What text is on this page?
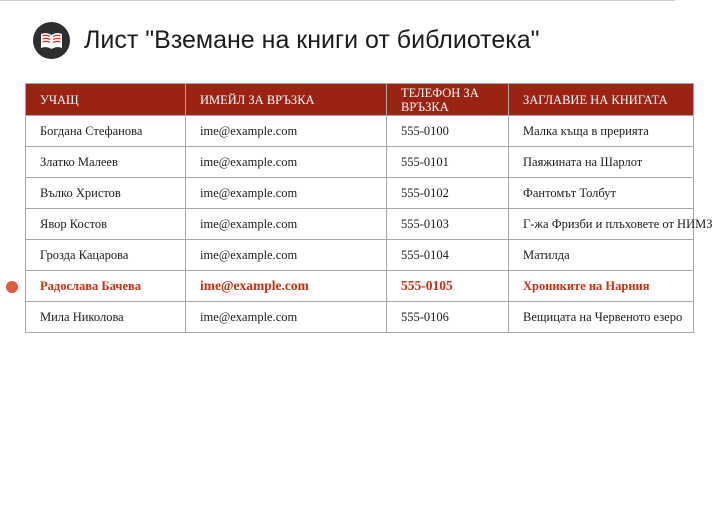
Лист "Вземане на книги от библиотека"
УЧАЩ	ИМЕЙЛ ЗА ВРЪЗКА	ТЕЛЕФОН ЗА ВРЪЗКА	ЗАГЛАВИЕ НА КНИГАТА
Богдана Стефанова	ime@example.com	555-0100	Малка къща в прерията
Златко Малеев	ime@example.com	555-0101	Паяжината на Шарлот
Вълко Христов	ime@example.com	555-0102	Фантомът Толбут
Явор Костов	ime@example.com	555-0103	Г-жа Фризби и плъховете от НИМЗ
Грозда Кацарова	ime@example.com	555-0104	Матилда
Радослава Бачева	ime@example.com	555-0105	Хрониките на Нарния
Мила Николова	ime@example.com	555-0106	Вещицата на Червеното езеро
